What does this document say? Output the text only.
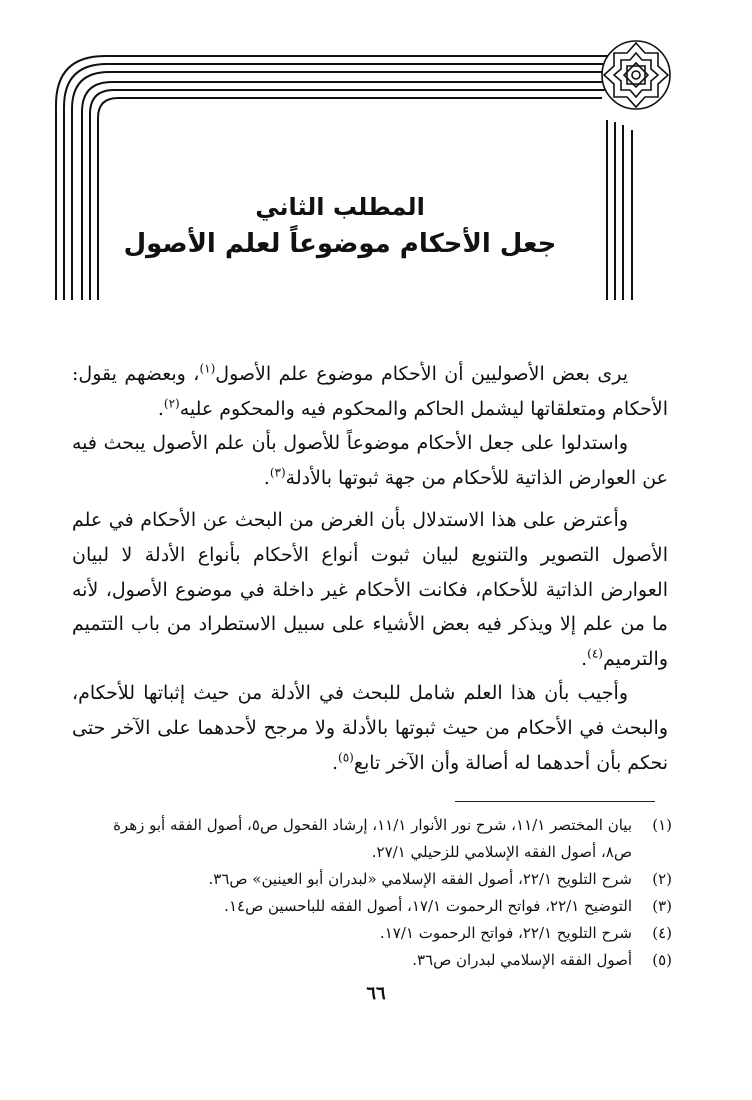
المطلب الثاني
جعل الأحكام موضوعاً لعلم الأصول

يرى بعض الأصوليين أن الأحكام موضوع علم الأصول$^{(١)}$، وبعضهم يقول: الأحكام ومتعلقاتها ليشمل الحاكم والمحكوم فيه والمحكوم عليه$^{(٢)}$.

واستدلوا على جعل الأحكام موضوعاً للأصول بأن علم الأصول يبحث فيه عن العوارض الذاتية للأحكام من جهة ثبوتها بالأدلة$^{(٣)}$.

وأعترض على هذا الاستدلال بأن الغرض من البحث عن الأحكام في علم الأصول التصوير والتنويع لبيان ثبوت أنواع الأحكام بأنواع الأدلة لا لبيان العوارض الذاتية للأحكام، فكانت الأحكام غير داخلة في موضوع الأصول، لأنه ما من علم إلا ويذكر فيه بعض الأشياء على سبيل الاستطراد من باب التتميم والترميم$^{(٤)}$.

وأجيب بأن هذا العلم شامل للبحث في الأدلة من حيث إثباتها للأحكام، والبحث في الأحكام من حيث ثبوتها بالأدلة ولا مرجح لأحدهما على الآخر حتى نحكم بأن أحدهما له أصالة وأن الآخر تابع$^{(٥)}$.

(١)
بيان المختصر ١١/١، شرح نور الأنوار ١١/١، إرشاد الفحول ص٥، أصول الفقه أبو زهرة ص٨، أصول الفقه الإسلامي للزحيلي ٢٧/١.
(٢)
شرح التلويح ٢٢/١، أصول الفقه الإسلامي «لبدران أبو العينين» ص٣٦.
(٣)
التوضيح ٢٢/١، فواتح الرحموت ١٧/١، أصول الفقه للباحسين ص١٤.
(٤)
شرح التلويح ٢٢/١، فواتح الرحموت ١٧/١.
(٥)
أصول الفقه الإسلامي لبدران ص٣٦.
٦٦
